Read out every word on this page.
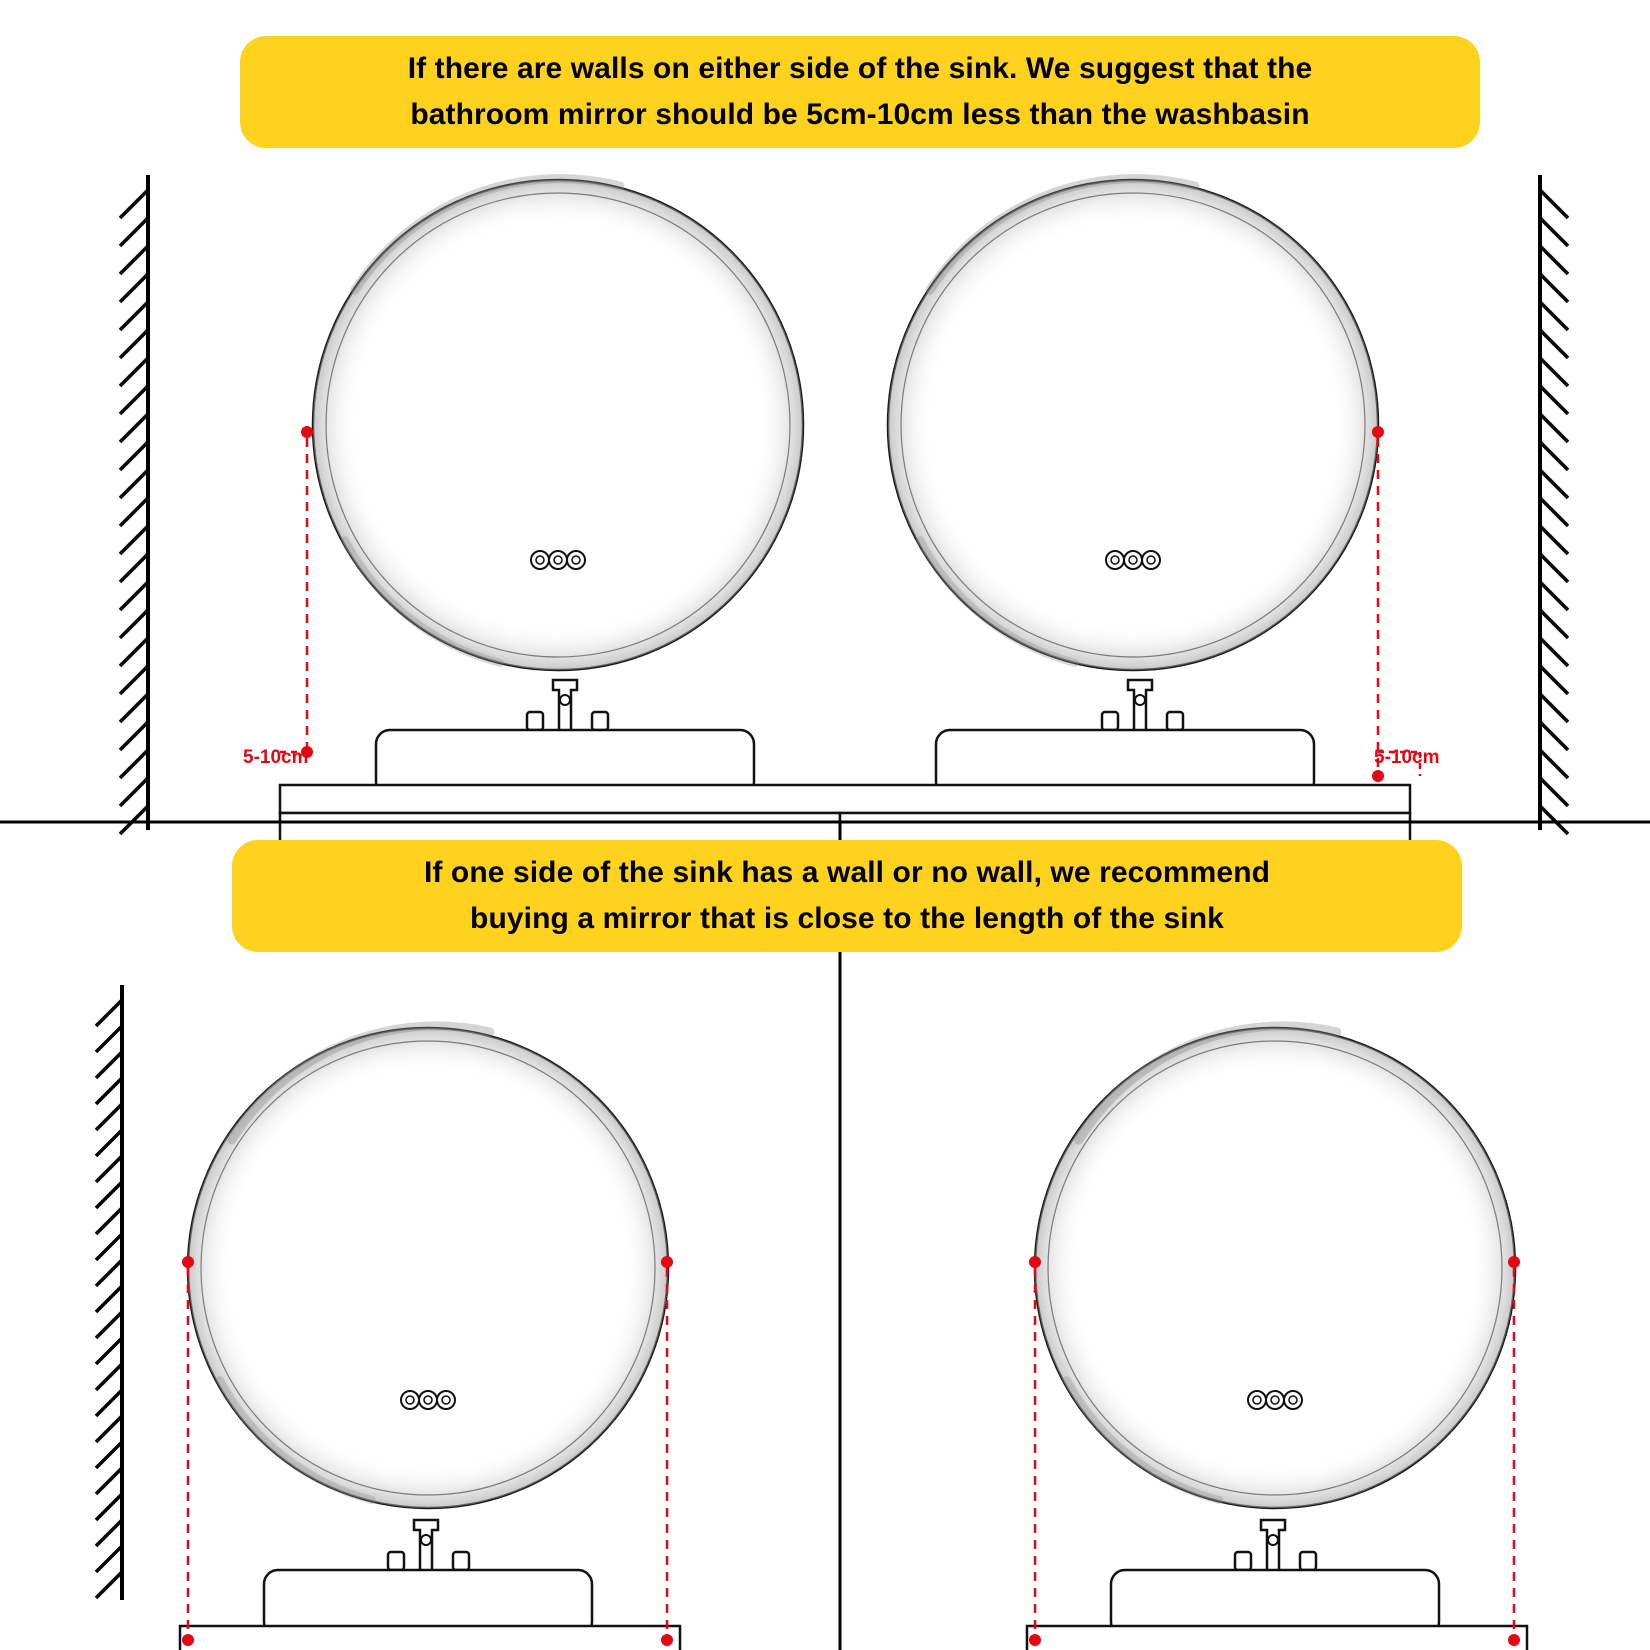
If there are walls on either side of the sink. We suggest that the
bathroom mirror should be 5cm-10cm less than the washbasin
If one side of the sink has a wall or no wall, we recommend
buying a mirror that is close to the length of the sink
5-10cm	5-10cm
